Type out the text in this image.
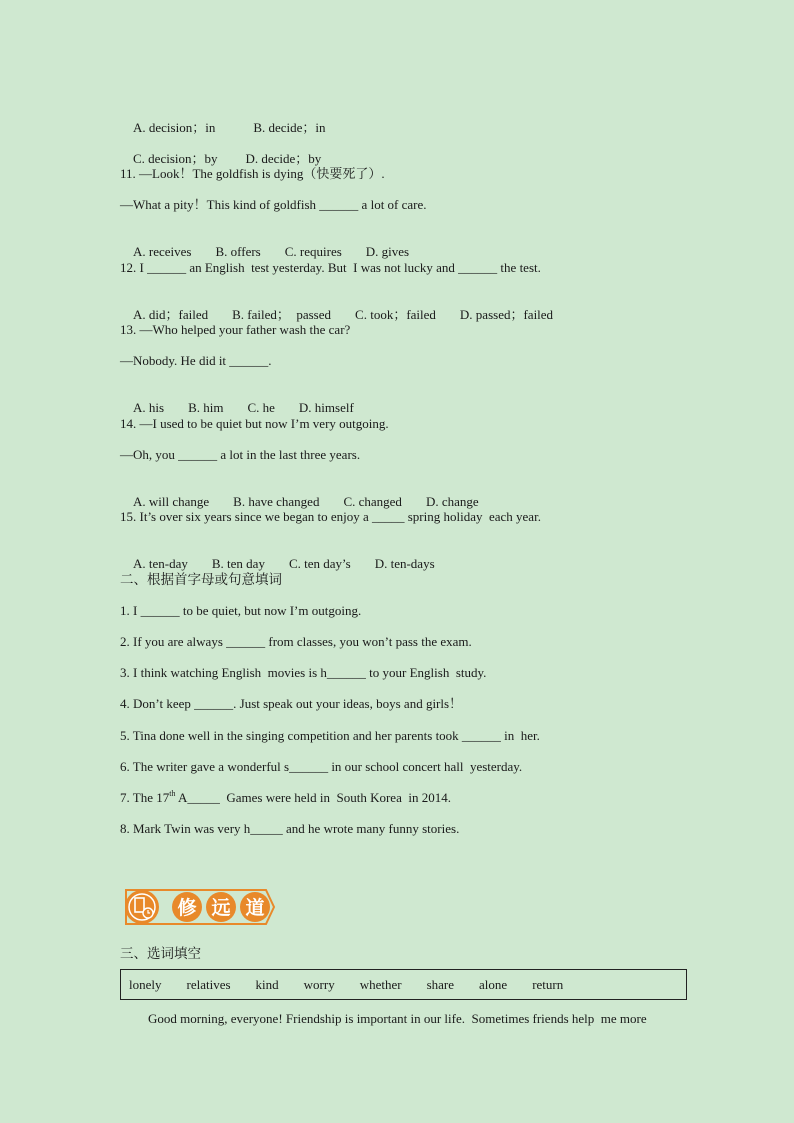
A. decision；in	B. decide；in

C. decision；by D. decide；by

11. —Look！The goldfish is dying（快要死了）.
—What a pity！This kind of goldfish ______ a lot of care.

A. receives B. offers C. requires D. gives

12. I ______ an English  test yesterday. But  I was not lucky and ______ the test.

A. did；failed B. failed；  passed C. took；failed D. passed；failed

13. —Who helped your father wash the car?
—Nobody. He did it ______.

A. his B. him C. he D. himself

14. —I used to be quiet but now I’m very outgoing.
—Oh, you ______ a lot in the last three years.

A. will change B. have changed C. changed D. change

15. It’s over six years since we began to enjoy a _____ spring holiday  each year.

A. ten-day B. ten day C. ten day’s D. ten-days

二、根据首字母或句意填词
1. I ______ to be quiet, but now I’m outgoing.
2. If you are always ______ from classes, you won’t pass the exam.
3. I think watching English  movies is h______ to your English  study.
4. Don’t keep ______. Just speak out your ideas, boys and girls！
5. Tina done well in the singing competition and her parents took ______ in  her.
6. The writer gave a wonderful s______ in our school concert hall  yesterday.
7. The 17th A_____  Games were held in  South Korea  in 2014.
8. Mark Twin was very h_____ and he wrote many funny stories.
三、选词填空
修 远 道
lonely relatives kind worry whether share alone return
Good morning, everyone! Friendship is important in our life.  Sometimes friends help  me more
